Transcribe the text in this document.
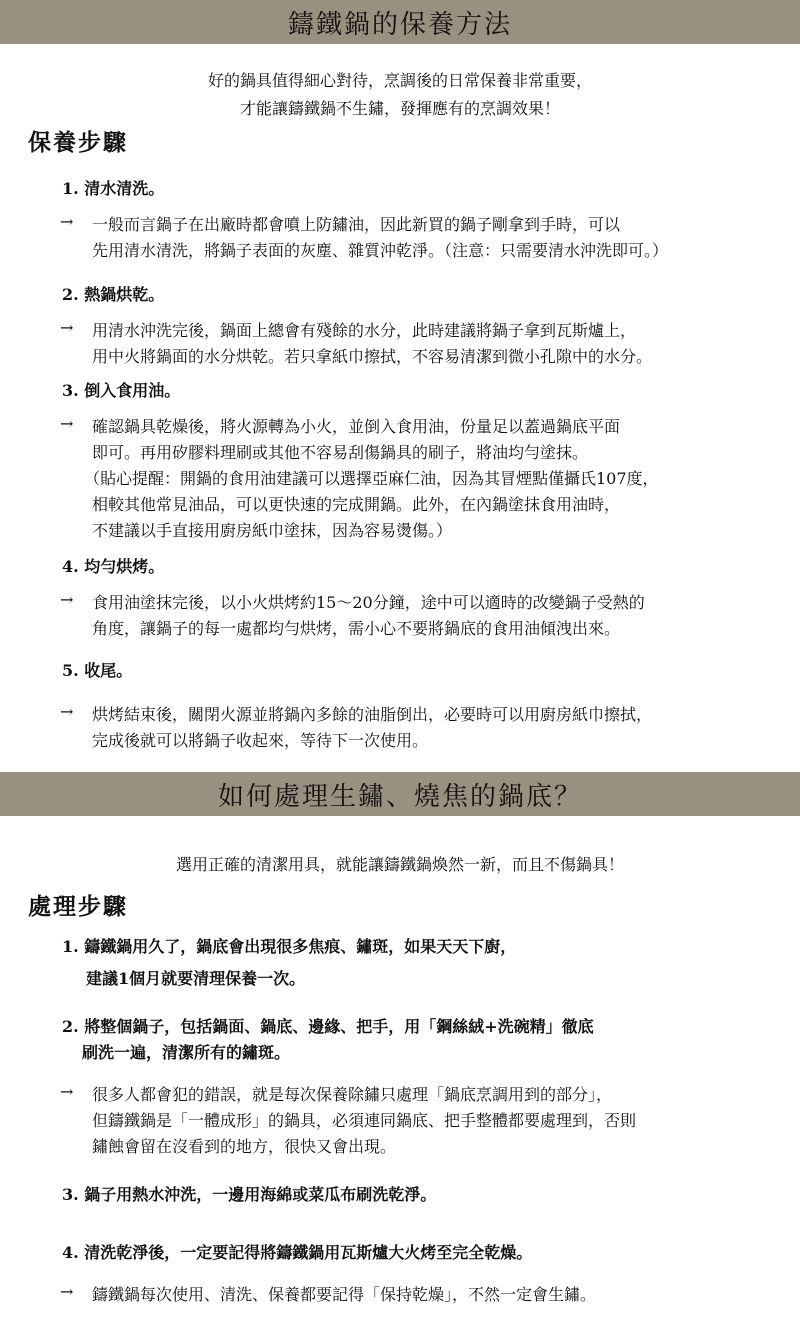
鑄鐵鍋的保養方法
好的鍋具值得細心對待，烹調後的日常保養非常重要，
才能讓鑄鐵鍋不生鏽，發揮應有的烹調效果！
保養步驟
1. 清水清洗。
→ 一般而言鍋子在出廠時都會噴上防鏽油，因此新買的鍋子剛拿到手時，可以
先用清水清洗，將鍋子表面的灰塵、雜質沖乾淨。（注意：只需要清水沖洗即可。）
2. 熱鍋烘乾。
→ 用清水沖洗完後，鍋面上總會有殘餘的水分，此時建議將鍋子拿到瓦斯爐上，
用中火將鍋面的水分烘乾。若只拿紙巾擦拭，不容易清潔到微小孔隙中的水分。
3. 倒入食用油。
→ 確認鍋具乾燥後，將火源轉為小火，並倒入食用油，份量足以蓋過鍋底平面
即可。再用矽膠料理刷或其他不容易刮傷鍋具的刷子，將油均勻塗抹。
（貼心提醒：開鍋的食用油建議可以選擇亞麻仁油，因為其冒煙點僅攝氏107度，
相較其他常見油品，可以更快速的完成開鍋。此外，在內鍋塗抹食用油時，
不建議以手直接用廚房紙巾塗抹，因為容易燙傷。）
4. 均勻烘烤。
→ 食用油塗抹完後，以小火烘烤約15～20分鐘，途中可以適時的改變鍋子受熱的
角度，讓鍋子的每一處都均勻烘烤，需小心不要將鍋底的食用油傾洩出來。
5. 收尾。
→ 烘烤結束後，關閉火源並將鍋內多餘的油脂倒出，必要時可以用廚房紙巾擦拭，
完成後就可以將鍋子收起來，等待下一次使用。
如何處理生鏽、燒焦的鍋底？
選用正確的清潔用具，就能讓鑄鐵鍋煥然一新，而且不傷鍋具！
處理步驟
1. 鑄鐵鍋用久了，鍋底會出現很多焦痕、鏽斑，如果天天下廚，
建議1個月就要清理保養一次。
2. 將整個鍋子，包括鍋面、鍋底、邊緣、把手，用「鋼絲絨+洗碗精」徹底
刷洗一遍，清潔所有的鏽斑。
→ 很多人都會犯的錯誤，就是每次保養除鏽只處理「鍋底烹調用到的部分」，
但鑄鐵鍋是「一體成形」的鍋具，必須連同鍋底、把手整體都要處理到，否則
鏽蝕會留在沒看到的地方，很快又會出現。
3. 鍋子用熱水沖洗，一邊用海綿或菜瓜布刷洗乾淨。
4. 清洗乾淨後，一定要記得將鑄鐵鍋用瓦斯爐大火烤至完全乾燥。
→ 鑄鐵鍋每次使用、清洗、保養都要記得「保持乾燥」，不然一定會生鏽。
